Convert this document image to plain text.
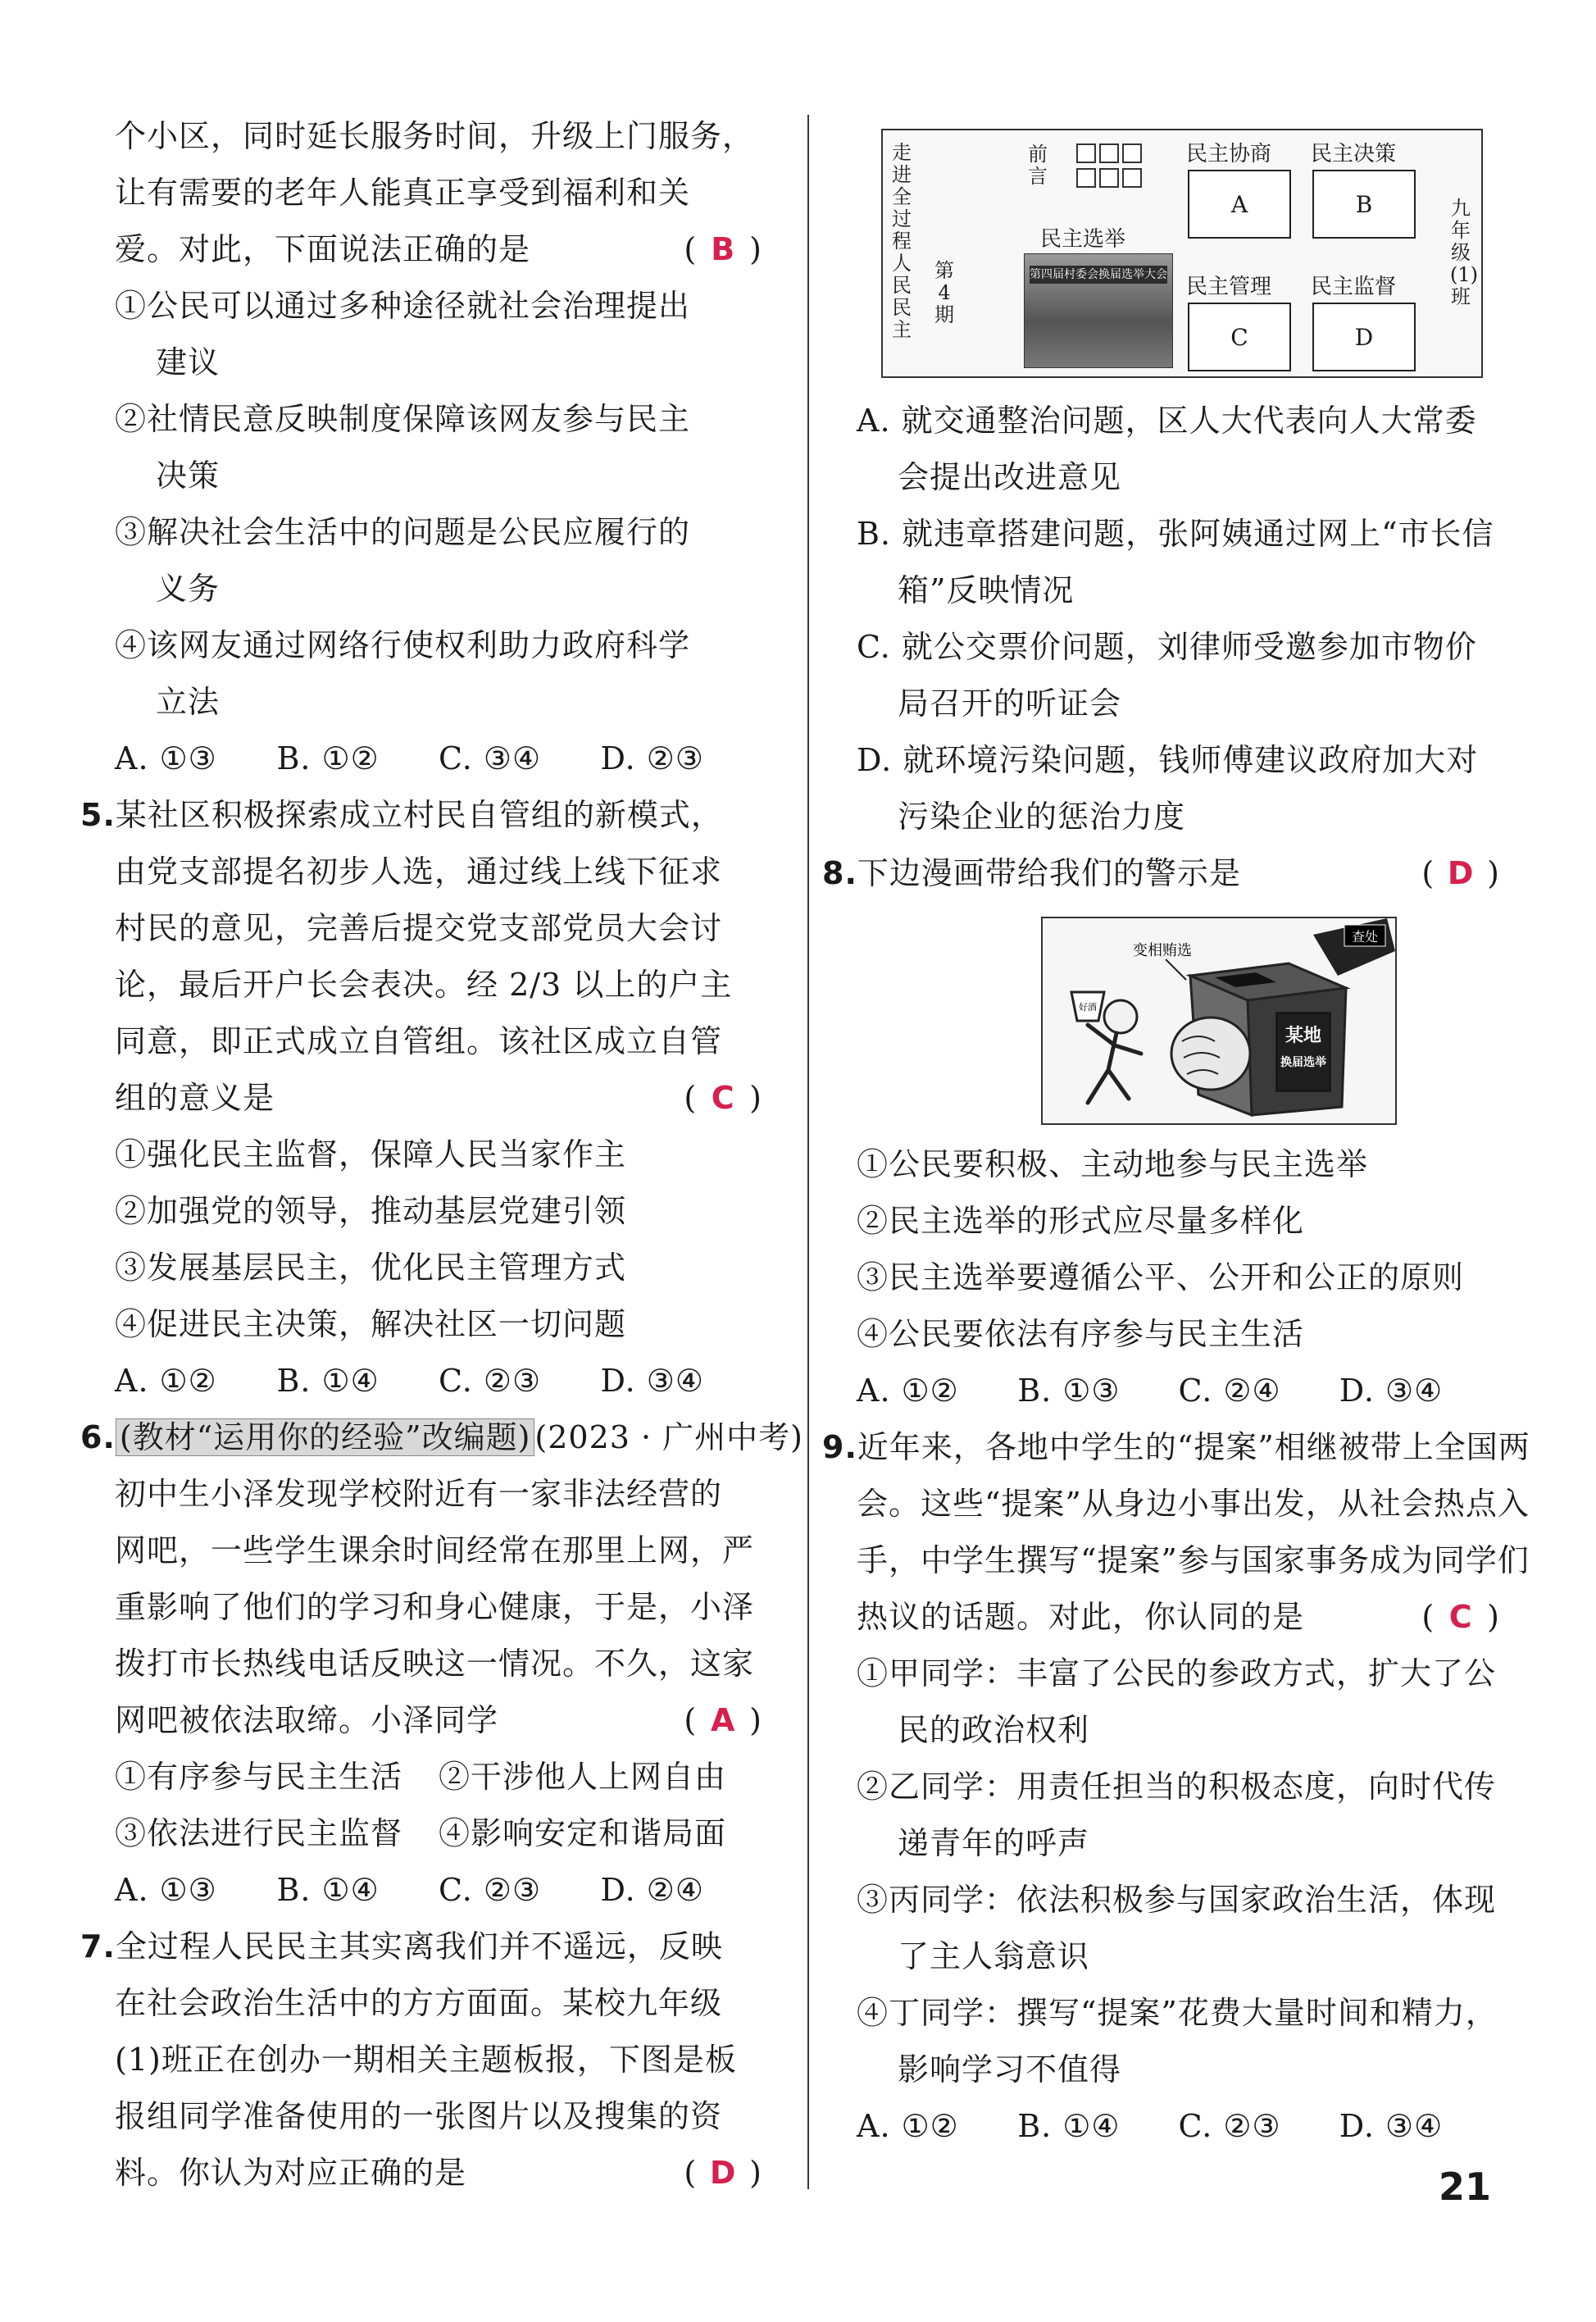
个小区，同时延长服务时间，升级上门服务，
让有需要的老年人能真正享受到福利和关
爱。对此，下面说法正确的是	( B )
①公民可以通过多种途径就社会治理提出
建议
②社情民意反映制度保障该网友参与民主
决策
③解决社会生活中的问题是公民应履行的
义务
④该网友通过网络行使权利助力政府科学
立法
A. ①③	B. ①②	C. ③④	D. ②③
5.某社区积极探索成立村民自管组的新模式，
由党支部提名初步人选，通过线上线下征求
村民的意见，完善后提交党支部党员大会讨
论，最后开户长会表决。经 2/3 以上的户主
同意，即正式成立自管组。该社区成立自管
组的意义是	( C )
①强化民主监督，保障人民当家作主
②加强党的领导，推动基层党建引领
③发展基层民主，优化民主管理方式
④促进民主决策，解决社区一切问题
A. ①②	B. ①④	C. ②③	D. ③④
6. (教材“运用你的经验”改编题) (2023 · 广州中考)
初中生小泽发现学校附近有一家非法经营的
网吧，一些学生课余时间经常在那里上网，严
重影响了他们的学习和身心健康，于是，小泽
拨打市长热线电话反映这一情况。不久，这家
网吧被依法取缔。小泽同学	( A )
①有序参与民主生活	②干涉他人上网自由
③依法进行民主监督	④影响安定和谐局面
A. ①③	B. ①④	C. ②③	D. ②④
7.全过程人民民主其实离我们并不遥远，反映
在社会政治生活中的方方面面。某校九年级
(1)班正在创办一期相关主题板报，下图是板
报组同学准备使用的一张图片以及搜集的资
料。你认为对应正确的是	( D )
走进全过程人民民主
第4期
前言
第四届村委会换届选举大会
民主选举
民主协商
A
民主决策
B
民主管理
C
民主监督
D
九年级(1)班
A. 就交通整治问题，区人大代表向人大常委
会提出改进意见
B. 就违章搭建问题，张阿姨通过网上“市长信
箱”反映情况
C. 就公交票价问题，刘律师受邀参加市物价
局召开的听证会
D. 就环境污染问题，钱师傅建议政府加大对
污染企业的惩治力度
8.下边漫画带给我们的警示是	( D )
某地
换届选举
查处
好酒
变相贿选
①公民要积极、主动地参与民主选举
②民主选举的形式应尽量多样化
③民主选举要遵循公平、公开和公正的原则
④公民要依法有序参与民主生活
A. ①②	B. ①③	C. ②④	D. ③④
9.近年来，各地中学生的“提案”相继被带上全国两
会。这些“提案”从身边小事出发，从社会热点入
手，中学生撰写“提案”参与国家事务成为同学们
热议的话题。对此，你认同的是	( C )
①甲同学：丰富了公民的参政方式，扩大了公
民的政治权利
②乙同学：用责任担当的积极态度，向时代传
递青年的呼声
③丙同学：依法积极参与国家政治生活，体现
了主人翁意识
④丁同学：撰写“提案”花费大量时间和精力，
影响学习不值得
A. ①②	B. ①④	C. ②③	D. ③④
21
